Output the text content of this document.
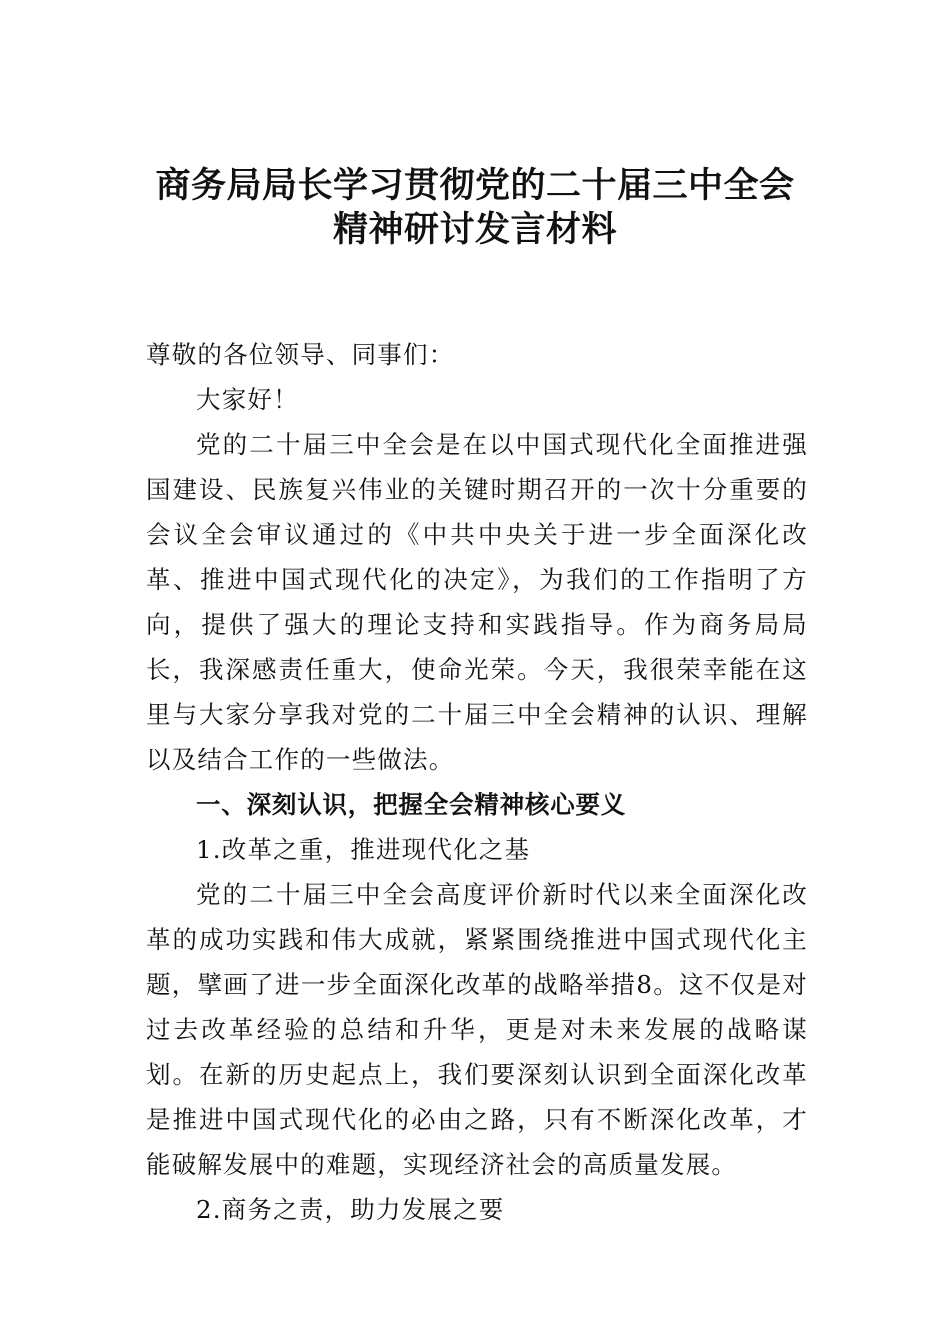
商务局局长学习贯彻党的二十届三中全会
精神研讨发言材料

尊敬的各位领导、同事们：

大家好！

党的二十届三中全会是在以中国式现代化全面推进强国建设、民族复兴伟业的关键时期召开的一次十分重要的会议全会审议通过的《中共中央关于进一步全面深化改革、推进中国式现代化的决定》，为我们的工作指明了方向，提供了强大的理论支持和实践指导。作为商务局局长，我深感责任重大，使命光荣。今天，我很荣幸能在这里与大家分享我对党的二十届三中全会精神的认识、理解以及结合工作的一些做法。

一、深刻认识，把握全会精神核心要义

1.改革之重，推进现代化之基

党的二十届三中全会高度评价新时代以来全面深化改革的成功实践和伟大成就，紧紧围绕推进中国式现代化主题，擘画了进一步全面深化改革的战略举措8。这不仅是对过去改革经验的总结和升华，更是对未来发展的战略谋划。在新的历史起点上，我们要深刻认识到全面深化改革是推进中国式现代化的必由之路，只有不断深化改革，才能破解发展中的难题，实现经济社会的高质量发展。

2.商务之责，助力发展之要
